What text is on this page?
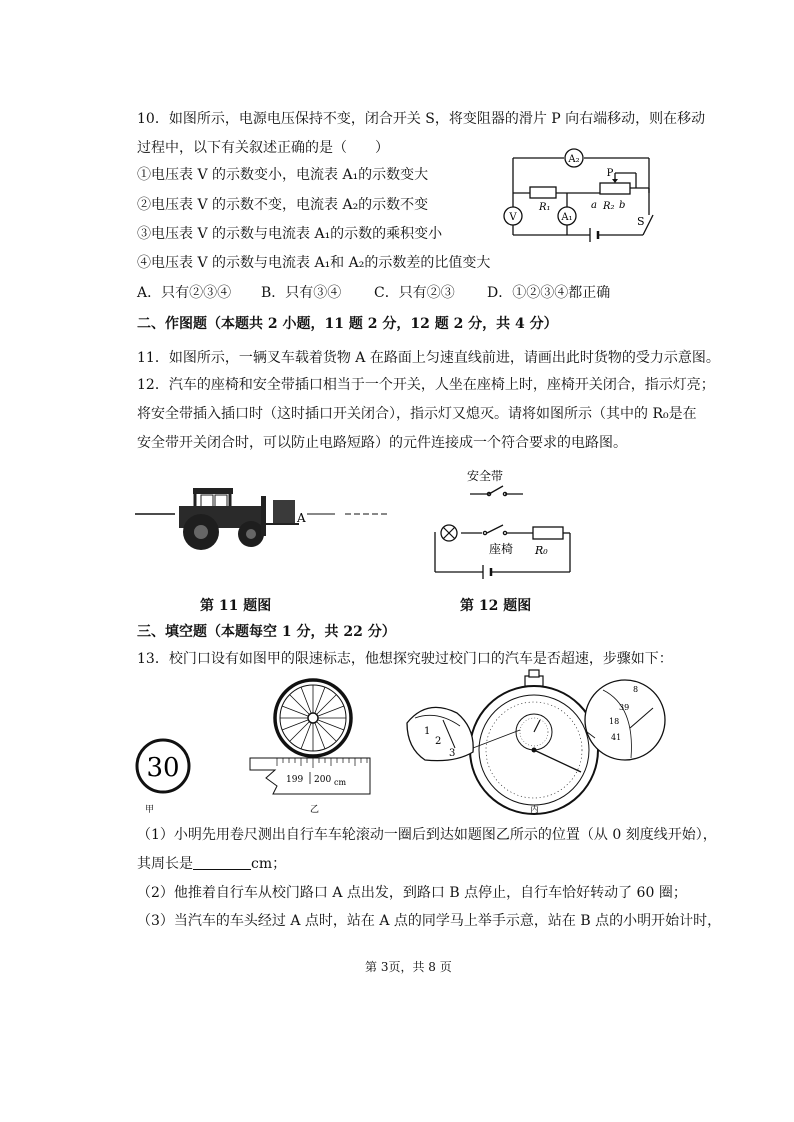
10．如图所示，电源电压保持不变，闭合开关 S，将变阻器的滑片 P 向右端移动，则在移动
过程中，以下有关叙述正确的是（　　）
①电压表 V 的示数变小，电流表 A₁的示数变大
②电压表 V 的示数不变，电流表 A₂的示数不变
③电压表 V 的示数与电流表 A₁的示数的乘积变小
④电压表 V 的示数与电流表 A₁和 A₂的示数差的比值变大
A．只有②③④ B．只有③④ C．只有②③ D．①②③④都正确
A₂
P
R₁
A₁
a R₂ b
V	S
二、作图题（本题共 2 小题，11 题 2 分，12 题 2 分，共 4 分）
11．如图所示，一辆叉车载着货物 A 在路面上匀速直线前进，请画出此时货物的受力示意图。
12．汽车的座椅和安全带插口相当于一个开关，人坐在座椅上时，座椅开关闭合，指示灯亮；
将安全带插入插口时（这时插口开关闭合），指示灯又熄灭。请将如图所示（其中的 R₀是在
安全带开关闭合时，可以防止电路短路）的元件连接成一个符合要求的电路图。
A
第 11 题图
安全带
座椅 R₀
第 12 题图
三、填空题（本题每空 1 分，共 22 分）
13．校门口设有如图甲的限速标志，他想探究驶过校门口的汽车是否超速，步骤如下：
30
甲
199 200 cm
乙
1
2
3
8
39
18
41
丙
（1）小明先用卷尺测出自行车车轮滚动一圈后到达如题图乙所示的位置（从 0 刻度线开始），
其周长是	cm；
（2）他推着自行车从校门路口 A 点出发，到路口 B 点停止，自行车恰好转动了 60 圈；
（3）当汽车的车头经过 A 点时，站在 A 点的同学马上举手示意，站在 B 点的小明开始计时，
第 3页，共 8 页
